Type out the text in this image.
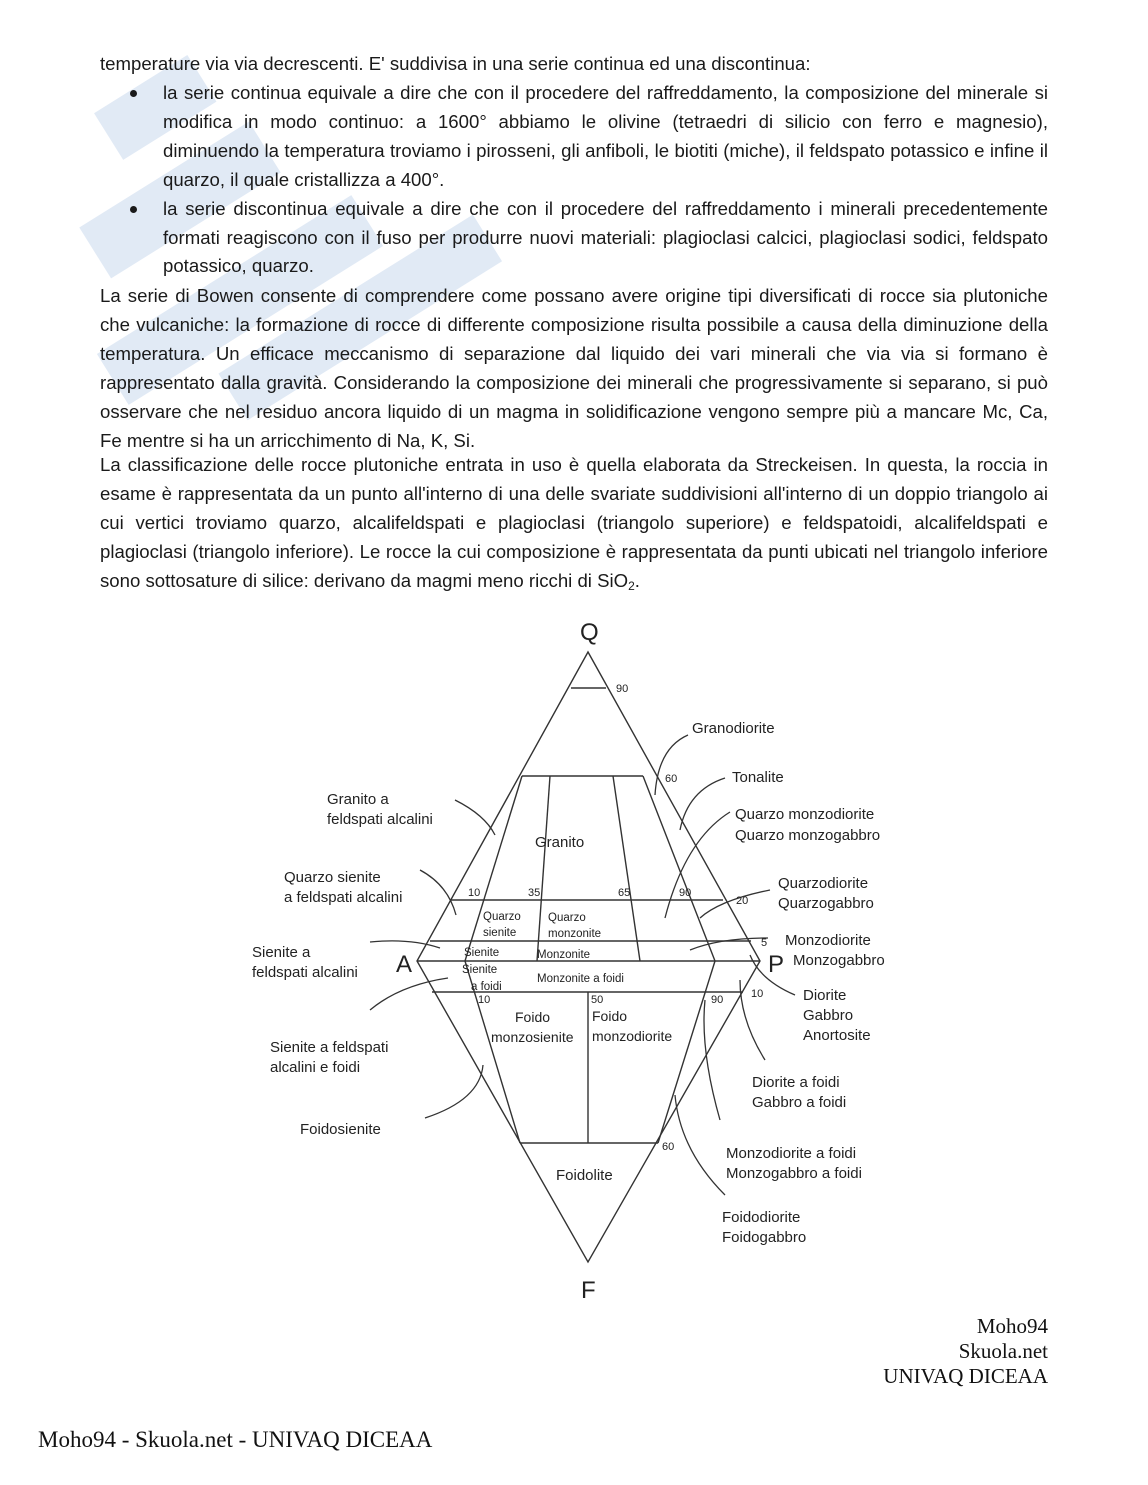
temperature via via decrescenti. E' suddivisa in una serie continua ed una discontinua:
la serie continua equivale a dire che con il procedere del raffreddamento, la composizione del minerale si modifica in modo continuo: a 1600° abbiamo le olivine (tetraedri di silicio con ferro e magnesio), diminuendo la temperatura troviamo i pirosseni, gli anfiboli, le biotiti (miche), il feldspato potassico e infine il quarzo, il quale cristallizza a 400°.
la serie discontinua equivale a dire che con il procedere del raffreddamento i minerali precedentemente formati reagiscono con il fuso per produrre nuovi materiali: plagioclasi calcici, plagioclasi sodici, feldspato potassico, quarzo.
La serie di Bowen consente di comprendere come possano avere origine tipi diversificati di rocce sia plutoniche che vulcaniche: la formazione di rocce di differente composizione risulta possibile a causa della diminuzione della temperatura. Un efficace meccanismo di separazione dal liquido dei vari minerali che via via si formano è rappresentato dalla gravità. Considerando la composizione dei minerali che progressivamente si separano, si può osservare che nel residuo ancora liquido di un magma in solidificazione vengono sempre più a mancare Mc, Ca, Fe mentre si ha un arricchimento di Na, K, Si.
La classificazione delle rocce plutoniche entrata in uso è quella elaborata da Streckeisen. In questa, la roccia in esame è rappresentata da un punto all'interno di una delle svariate suddivisioni all'interno di un doppio triangolo ai cui vertici troviamo quarzo, alcalifeldspati e plagioclasi (triangolo superiore) e feldspatoidi, alcalifeldspati e plagioclasi (triangolo inferiore). Le rocce la cui composizione è rappresentata da punti ubicati nel triangolo inferiore sono sottosature di silice: derivano da magmi meno ricchi di SiO$_2$.
Q
A	P
F
90
60
10	35	65	90
20
5
10	50	90	10
60
Granito
Quarzo
sienite
Quarzo
monzonite
Sienite	Monzonite
Sienite
a foidi
Monzonite a foidi
Foido
monzosienite
Foido
monzodiorite
Foidolite
Granito a
feldspati alcalini
Quarzo sienite
a feldspati alcalini
Sienite a
feldspati alcalini
Sienite a feldspati
alcalini e foidi
Foidosienite
Granodiorite
Tonalite
Quarzo monzodiorite
Quarzo monzogabbro
Quarzodiorite
Quarzogabbro
Monzodiorite
Monzogabbro
Diorite
Gabbro
Anortosite
Diorite a foidi
Gabbro a foidi
Monzodiorite a foidi
Monzogabbro a foidi
Foidodiorite
Foidogabbro
Moho94
Skuola.net
UNIVAQ DICEAA
Moho94 - Skuola.net - UNIVAQ DICEAA
